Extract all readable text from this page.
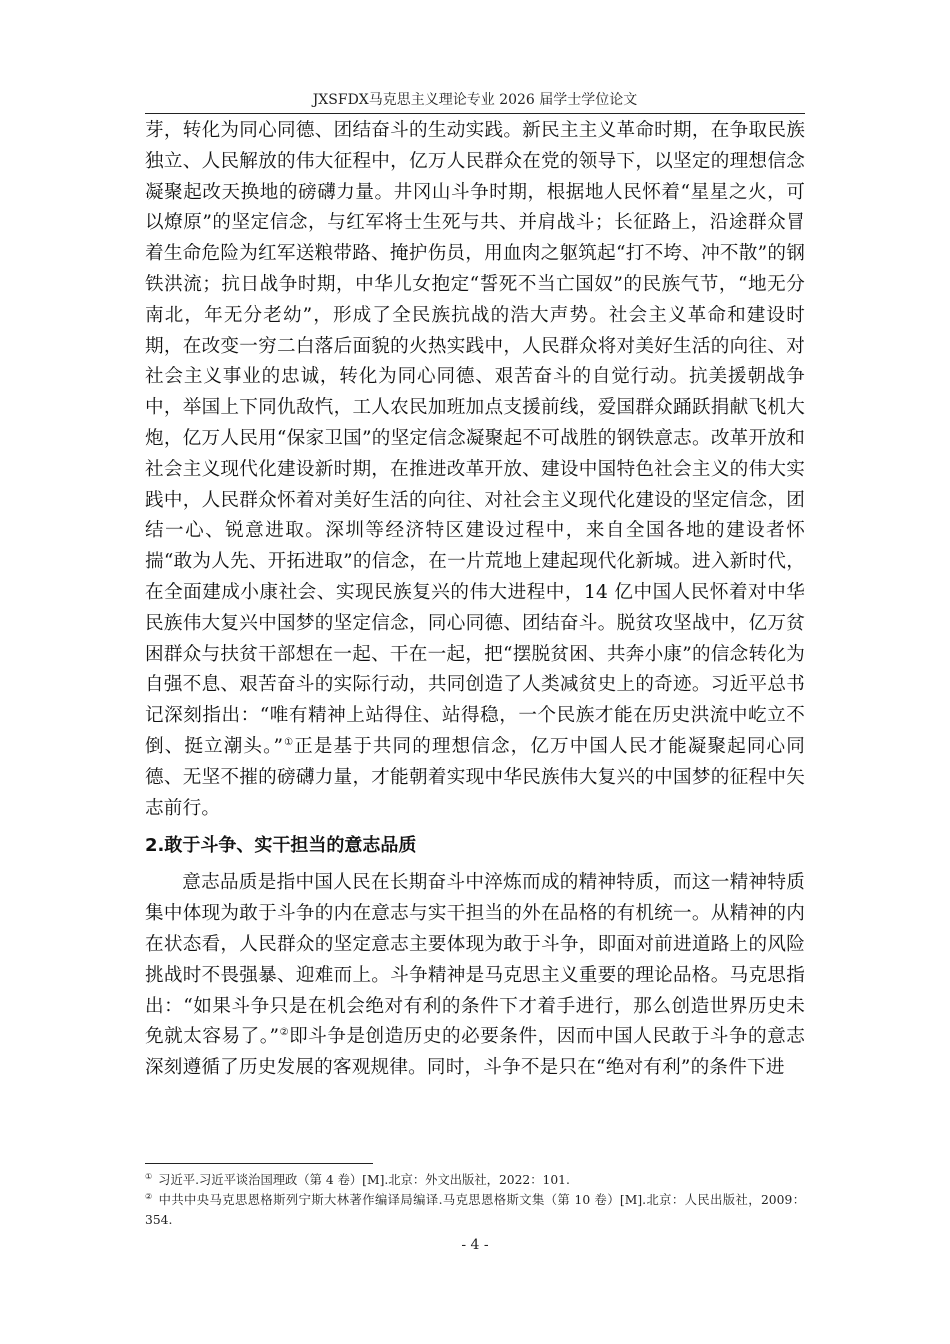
JXSFDX马克思主义理论专业 2026 届学士学位论文

芽，转化为同心同德、团结奋斗的生动实践。新民主主义革命时期，在争取民族独立、人民解放的伟大征程中，亿万人民群众在党的领导下，以坚定的理想信念凝聚起改天换地的磅礴力量。井冈山斗争时期，根据地人民怀着“星星之火，可以燎原”的坚定信念，与红军将士生死与共、并肩战斗；长征路上，沿途群众冒着生命危险为红军送粮带路、掩护伤员，用血肉之躯筑起“打不垮、冲不散”的钢铁洪流；抗日战争时期，中华儿女抱定“誓死不当亡国奴”的民族气节，“地无分南北，年无分老幼”，形成了全民族抗战的浩大声势。社会主义革命和建设时期，在改变一穷二白落后面貌的火热实践中，人民群众将对美好生活的向往、对社会主义事业的忠诚，转化为同心同德、艰苦奋斗的自觉行动。抗美援朝战争中，举国上下同仇敌忾，工人农民加班加点支援前线，爱国群众踊跃捐献飞机大炮，亿万人民用“保家卫国”的坚定信念凝聚起不可战胜的钢铁意志。改革开放和社会主义现代化建设新时期，在推进改革开放、建设中国特色社会主义的伟大实践中，人民群众怀着对美好生活的向往、对社会主义现代化建设的坚定信念，团结一心、锐意进取。深圳等经济特区建设过程中，来自全国各地的建设者怀揣“敢为人先、开拓进取”的信念，在一片荒地上建起现代化新城。进入新时代，在全面建成小康社会、实现民族复兴的伟大进程中，14 亿中国人民怀着对中华民族伟大复兴中国梦的坚定信念，同心同德、团结奋斗。脱贫攻坚战中，亿万贫困群众与扶贫干部想在一起、干在一起，把“摆脱贫困、共奔小康”的信念转化为自强不息、艰苦奋斗的实际行动，共同创造了人类减贫史上的奇迹。习近平总书记深刻指出：“唯有精神上站得住、站得稳，一个民族才能在历史洪流中屹立不倒、挺立潮头。”①正是基于共同的理想信念，亿万中国人民才能凝聚起同心同德、无坚不摧的磅礴力量，才能朝着实现中华民族伟大复兴的中国梦的征程中矢志前行。

2.敢于斗争、实干担当的意志品质

意志品质是指中国人民在长期奋斗中淬炼而成的精神特质，而这一精神特质集中体现为敢于斗争的内在意志与实干担当的外在品格的有机统一。从精神的内在状态看，人民群众的坚定意志主要体现为敢于斗争，即面对前进道路上的风险挑战时不畏强暴、迎难而上。斗争精神是马克思主义重要的理论品格。马克思指出：“如果斗争只是在机会绝对有利的条件下才着手进行，那么创造世界历史未免就太容易了。”②即斗争是创造历史的必要条件，因而中国人民敢于斗争的意志深刻遵循了历史发展的客观规律。同时，斗争不是只在“绝对有利”的条件下进

① 习近平.习近平谈治国理政（第 4 卷）[M].北京：外文出版社，2022：101.

② 中共中央马克思恩格斯列宁斯大林著作编译局编译.马克思恩格斯文集（第 10 卷）[M].北京：人民出版社，2009：354.

- 4 -
